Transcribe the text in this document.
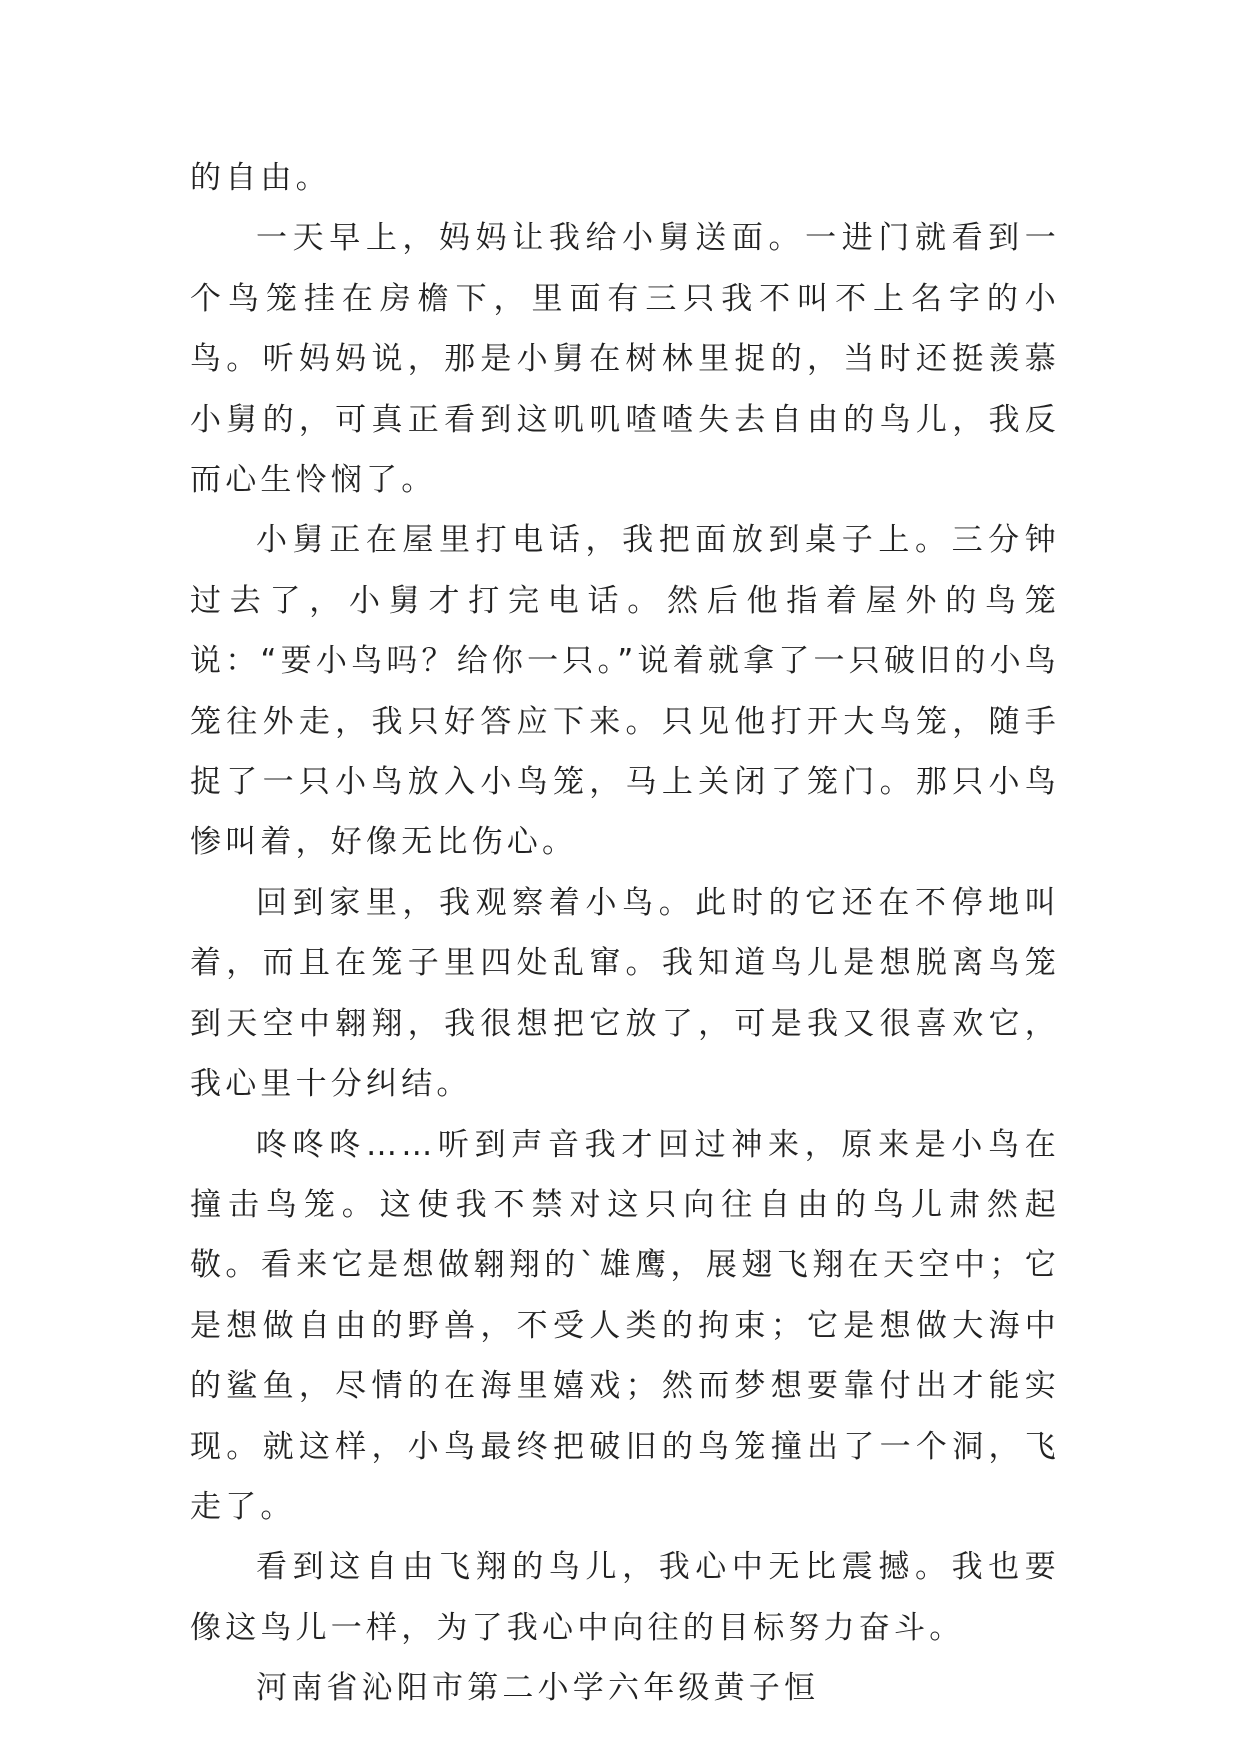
的自由。

一天早上，妈妈让我给小舅送面。一进门就看到一个鸟笼挂在房檐下，里面有三只我不叫不上名字的小鸟。听妈妈说，那是小舅在树林里捉的，当时还挺羡慕小舅的，可真正看到这叽叽喳喳失去自由的鸟儿，我反而心生怜悯了。

小舅正在屋里打电话，我把面放到桌子上。三分钟过去了，小舅才打完电话。然后他指着屋外的鸟笼说：“要小鸟吗？给你一只。”说着就拿了一只破旧的小鸟笼往外走，我只好答应下来。只见他打开大鸟笼，随手捉了一只小鸟放入小鸟笼，马上关闭了笼门。那只小鸟惨叫着，好像无比伤心。

回到家里，我观察着小鸟。此时的它还在不停地叫着，而且在笼子里四处乱窜。我知道鸟儿是想脱离鸟笼到天空中翱翔，我很想把它放了，可是我又很喜欢它，我心里十分纠结。

咚咚咚……听到声音我才回过神来，原来是小鸟在撞击鸟笼。这使我不禁对这只向往自由的鸟儿肃然起敬。看来它是想做翱翔的`雄鹰，展翅飞翔在天空中；它是想做自由的野兽，不受人类的拘束；它是想做大海中的鲨鱼，尽情的在海里嬉戏；然而梦想要靠付出才能实现。就这样，小鸟最终把破旧的鸟笼撞出了一个洞，飞走了。

看到这自由飞翔的鸟儿，我心中无比震撼。我也要像这鸟儿一样，为了我心中向往的目标努力奋斗。

河南省沁阳市第二小学六年级黄子恒
